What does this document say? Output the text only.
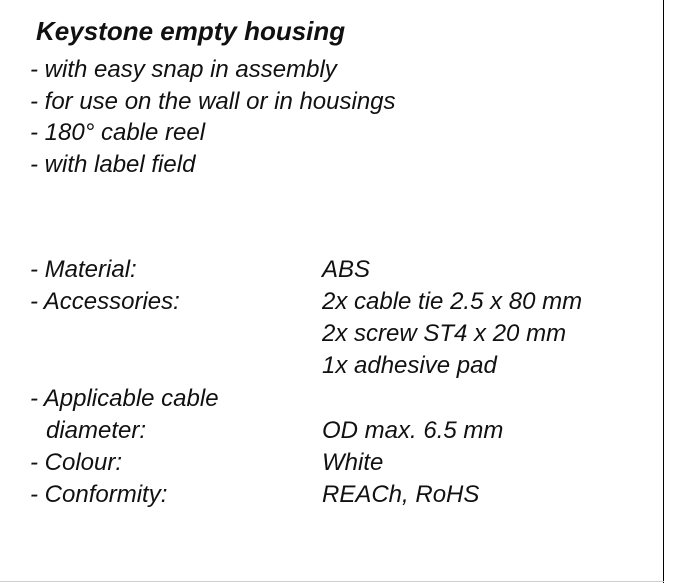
Keystone empty housing
- with easy snap in assembly
- for use on the wall or in housings
- 180° cable reel
- with label field
- Material:	ABS
- Accessories:	2x cable tie 2.5 x 80 mm
2x screw ST4 x 20 mm
1x adhesive pad
- Applicable cable
diameter:	OD max. 6.5 mm
- Colour:	White
- Conformity:	REACh, RoHS
